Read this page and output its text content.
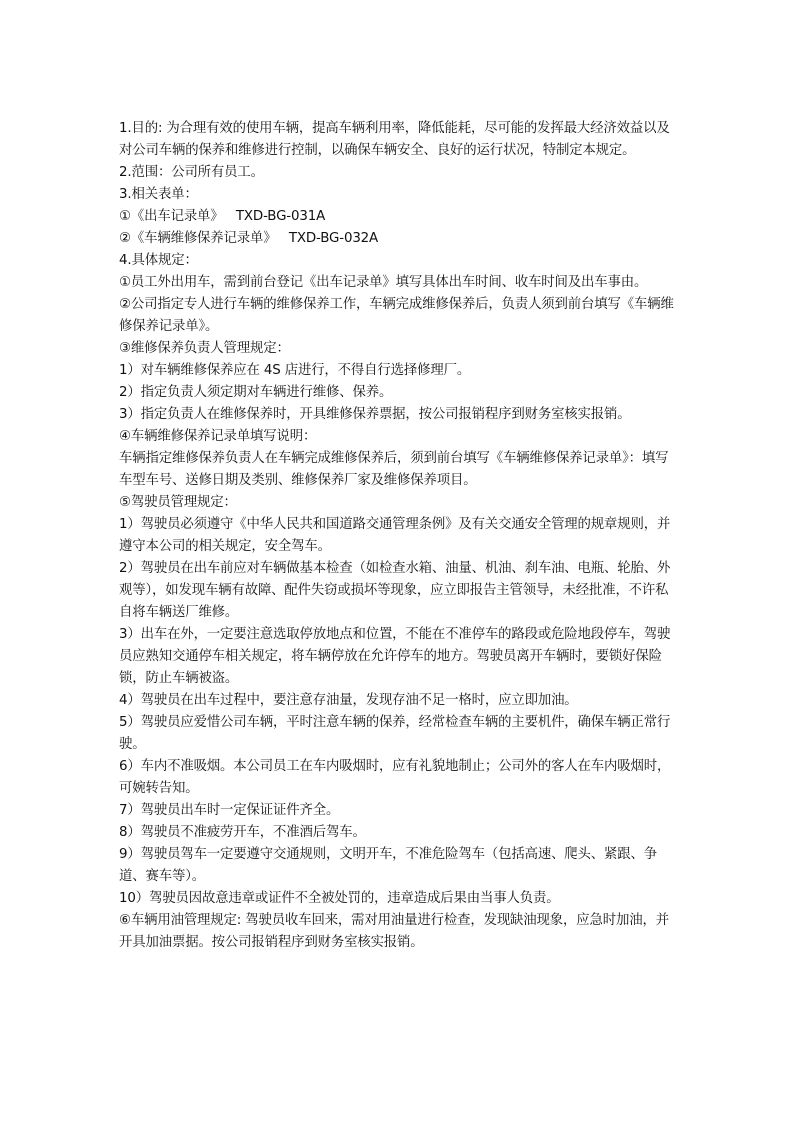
1.目的: 为合理有效的使用车辆，提高车辆利用率，降低能耗，尽可能的发挥最大经济效益以及对公司车辆的保养和维修进行控制，以确保车辆安全、良好的运行状况，特制定本规定。

2.范围：公司所有员工。

3.相关表单：

①《出车记录单》   TXD-BG-031A

②《车辆维修保养记录单》   TXD-BG-032A

4.具体规定：

①员工外出用车，需到前台登记《出车记录单》填写具体出车时间、收车时间及出车事由。

②公司指定专人进行车辆的维修保养工作，车辆完成维修保养后，负责人须到前台填写《车辆维修保养记录单》。

③维修保养负责人管理规定：

1）对车辆维修保养应在 4S 店进行，不得自行选择修理厂。

2）指定负责人须定期对车辆进行维修、保养。

3）指定负责人在维修保养时，开具维修保养票据，按公司报销程序到财务室核实报销。

④车辆维修保养记录单填写说明：

车辆指定维修保养负责人在车辆完成维修保养后，须到前台填写《车辆维修保养记录单》：填写车型车号、送修日期及类别、维修保养厂家及维修保养项目。

⑤驾驶员管理规定：

1）驾驶员必须遵守《中华人民共和国道路交通管理条例》及有关交通安全管理的规章规则，并遵守本公司的相关规定，安全驾车。

2）驾驶员在出车前应对车辆做基本检查（如检查水箱、油量、机油、刹车油、电瓶、轮胎、外观等），如发现车辆有故障、配件失窃或损坏等现象，应立即报告主管领导，未经批准，不许私自将车辆送厂维修。

3）出车在外，一定要注意选取停放地点和位置，不能在不准停车的路段或危险地段停车，驾驶员应熟知交通停车相关规定，将车辆停放在允许停车的地方。驾驶员离开车辆时，要锁好保险锁，防止车辆被盗。

4）驾驶员在出车过程中，要注意存油量，发现存油不足一格时，应立即加油。

5）驾驶员应爱惜公司车辆，平时注意车辆的保养，经常检查车辆的主要机件，确保车辆正常行驶。

6）车内不准吸烟。本公司员工在车内吸烟时，应有礼貌地制止；公司外的客人在车内吸烟时，可婉转告知。

7）驾驶员出车时一定保证证件齐全。

8）驾驶员不准疲劳开车，不准酒后驾车。

9）驾驶员驾车一定要遵守交通规则，文明开车，不准危险驾车（包括高速、爬头、紧跟、争道、赛车等）。

10）驾驶员因故意违章或证件不全被处罚的，违章造成后果由当事人负责。

⑥车辆用油管理规定: 驾驶员收车回来，需对用油量进行检查，发现缺油现象，应急时加油，并开具加油票据。按公司报销程序到财务室核实报销。
